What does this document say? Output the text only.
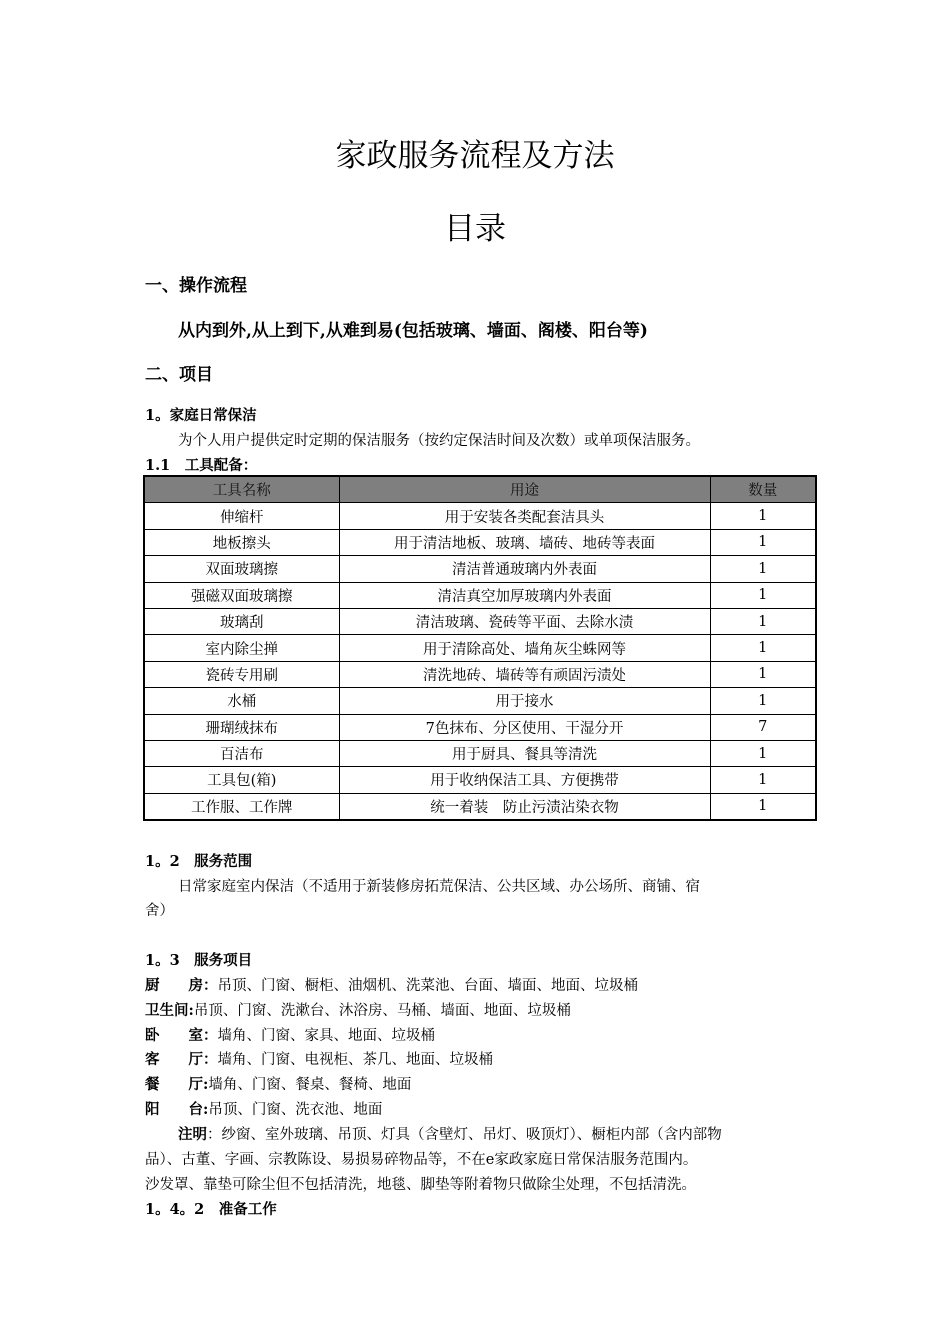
家政服务流程及方法
目录
一、操作流程
从内到外,从上到下,从难到易(包括玻璃、墙面、阁楼、阳台等)
二、项目
1。家庭日常保洁
为个人用户提供定时定期的保洁服务（按约定保洁时间及次数）或单项保洁服务。
1.1　工具配备：
工具名称	用途	数量
伸缩杆	用于安装各类配套洁具头	1
地板擦头	用于清洁地板、玻璃、墙砖、地砖等表面	1
双面玻璃擦	清洁普通玻璃内外表面	1
强磁双面玻璃擦	清洁真空加厚玻璃内外表面	1
玻璃刮	清洁玻璃、瓷砖等平面、去除水渍	1
室内除尘掸	用于清除高处、墙角灰尘蛛网等	1
瓷砖专用刷	清洗地砖、墙砖等有顽固污渍处	1
水桶	用于接水	1
珊瑚绒抹布	7色抹布、分区使用、干湿分开	7
百洁布	用于厨具、餐具等清洗	1
工具包(箱)	用于收纳保洁工具、方便携带	1
工作服、工作牌	统一着装　防止污渍沾染衣物	1
1。2　服务范围
日常家庭室内保洁（不适用于新装修房拓荒保洁、公共区域、办公场所、商铺、宿
舍）
1。3　服务项目
厨　　房：吊顶、门窗、橱柜、油烟机、洗菜池、台面、墙面、地面、垃圾桶
卫生间:吊顶、门窗、洗漱台、沐浴房、马桶、墙面、地面、垃圾桶
卧　　室：墙角、门窗、家具、地面、垃圾桶
客　　厅：墙角、门窗、电视柜、茶几、地面、垃圾桶
餐　　厅:墙角、门窗、餐桌、餐椅、地面
阳　　台:吊顶、门窗、洗衣池、地面
注明：纱窗、室外玻璃、吊顶、灯具（含壁灯、吊灯、吸顶灯）、橱柜内部（含内部物
品）、古董、字画、宗教陈设、易损易碎物品等，不在e家政家庭日常保洁服务范围内。
沙发罩、靠垫可除尘但不包括清洗，地毯、脚垫等附着物只做除尘处理，不包括清洗。
1。4。2　准备工作
